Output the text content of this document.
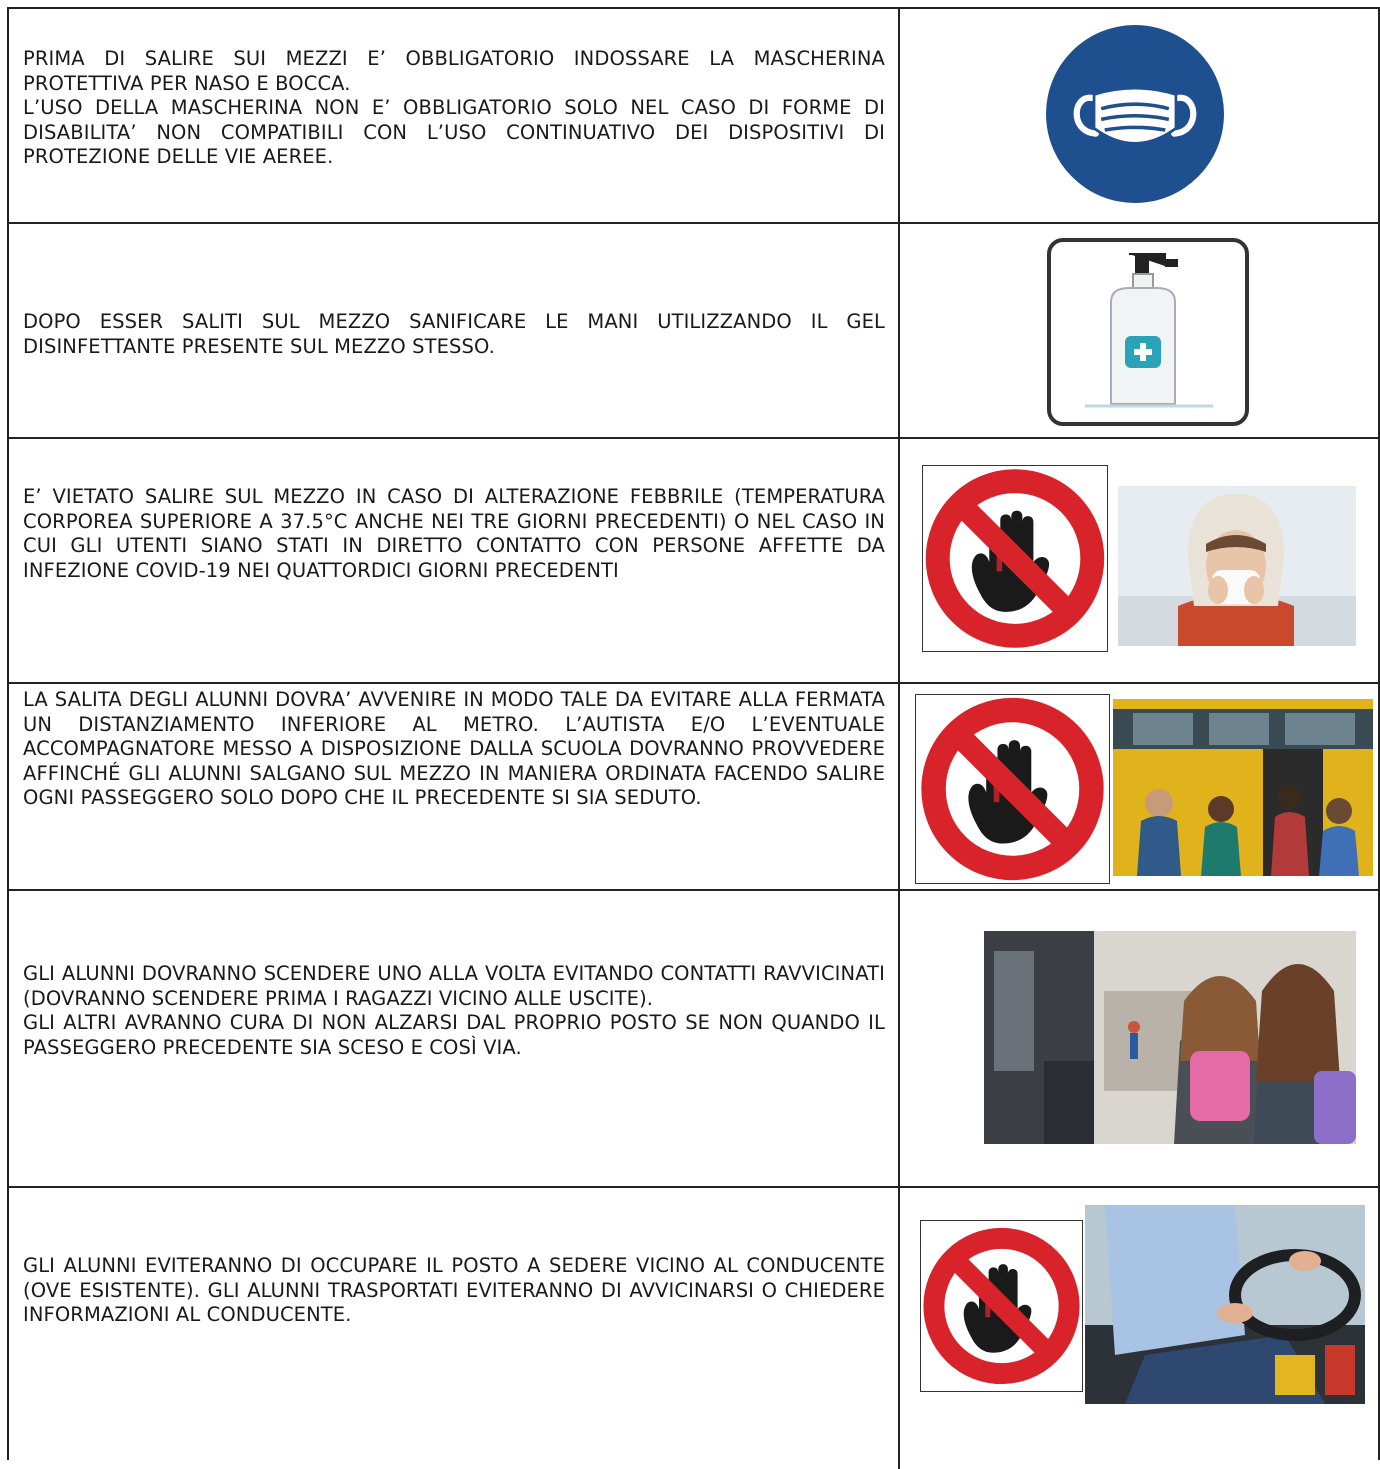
PRIMA DI SALIRE SUI MEZZI E’ OBBLIGATORIO INDOSSARE LA MASCHERINA PROTETTIVA PER NASO E BOCCA.

L’USO DELLA MASCHERINA NON E’ OBBLIGATORIO SOLO NEL CASO DI FORME DI DISABILITA’ NON COMPATIBILI CON L’USO CONTINUATIVO DEI DISPOSITIVI DI PROTEZIONE DELLE VIE AEREE.

DOPO ESSER SALITI SUL MEZZO SANIFICARE LE MANI UTILIZZANDO IL GEL DISINFETTANTE PRESENTE SUL MEZZO STESSO.

E’ VIETATO SALIRE SUL MEZZO IN CASO DI ALTERAZIONE FEBBRILE (TEMPERATURA CORPOREA SUPERIORE A 37.5°C ANCHE NEI TRE GIORNI PRECEDENTI) O NEL CASO IN CUI GLI UTENTI SIANO STATI IN DIRETTO CONTATTO CON PERSONE AFFETTE DA INFEZIONE COVID-19 NEI QUATTORDICI GIORNI PRECEDENTI

LA SALITA DEGLI ALUNNI DOVRA’ AVVENIRE IN MODO TALE DA EVITARE ALLA FERMATA UN DISTANZIAMENTO INFERIORE AL METRO. L’AUTISTA E/O L’EVENTUALE ACCOMPAGNATORE MESSO A DISPOSIZIONE DALLA SCUOLA DOVRANNO PROVVEDERE AFFINCHÉ GLI ALUNNI SALGANO SUL MEZZO IN MANIERA ORDINATA FACENDO SALIRE OGNI PASSEGGERO SOLO DOPO CHE IL PRECEDENTE SI SIA SEDUTO.

GLI ALUNNI DOVRANNO SCENDERE UNO ALLA VOLTA EVITANDO CONTATTI RAVVICINATI (DOVRANNO SCENDERE PRIMA I RAGAZZI VICINO ALLE USCITE).

GLI ALTRI AVRANNO CURA DI NON ALZARSI DAL PROPRIO POSTO SE NON QUANDO IL PASSEGGERO PRECEDENTE SIA SCESO E COSÌ VIA.

GLI ALUNNI EVITERANNO DI OCCUPARE IL POSTO A SEDERE VICINO AL CONDUCENTE (OVE ESISTENTE). GLI ALUNNI TRASPORTATI EVITERANNO DI AVVICINARSI O CHIEDERE INFORMAZIONI AL CONDUCENTE.
